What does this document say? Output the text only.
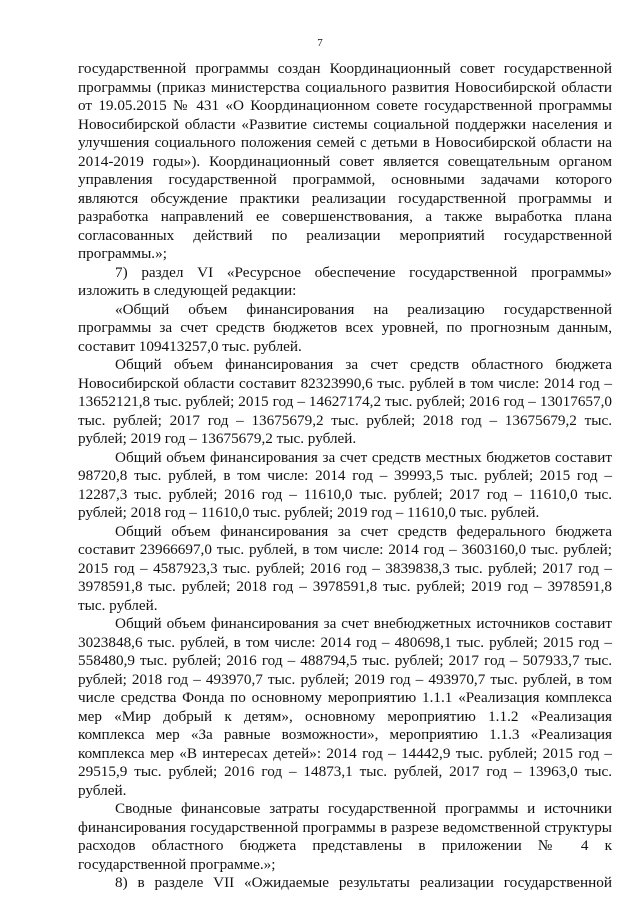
7

государственной программы создан Координационный совет государственной программы (приказ министерства социального развития Новосибирской области от 19.05.2015 № 431 «О Координационном совете государственной программы Новосибирской области «Развитие системы социальной поддержки населения и улучшения социального положения семей с детьми в Новосибирской области на 2014-2019 годы»). Координационный совет является совещательным органом управления государственной программой, основными задачами которого являются обсуждение практики реализации государственной программы и разработка направлений ее совершенствования, а также выработка плана согласованных действий по реализации мероприятий государственной программы.»;

7) раздел VI «Ресурсное обеспечение государственной программы» изложить в следующей редакции:

«Общий объем финансирования на реализацию государственной программы за счет средств бюджетов всех уровней, по прогнозным данным, составит 109413257,0 тыс. рублей.

Общий объем финансирования за счет средств областного бюджета Новосибирской области составит 82323990,6 тыс. рублей в том числе: 2014 год – 13652121,8 тыс. рублей; 2015 год – 14627174,2 тыс. рублей; 2016 год – 13017657,0 тыс. рублей; 2017 год – 13675679,2 тыс. рублей; 2018 год – 13675679,2 тыс. рублей; 2019 год – 13675679,2 тыс. рублей.

Общий объем финансирования за счет средств местных бюджетов составит 98720,8 тыс. рублей, в том числе: 2014 год – 39993,5 тыс. рублей; 2015 год – 12287,3 тыс. рублей; 2016 год – 11610,0 тыс. рублей; 2017 год – 11610,0 тыс. рублей; 2018 год – 11610,0 тыс. рублей; 2019 год – 11610,0 тыс. рублей.

Общий объем финансирования за счет средств федерального бюджета составит 23966697,0 тыс. рублей, в том числе: 2014 год – 3603160,0 тыс. рублей; 2015 год – 4587923,3 тыс. рублей; 2016 год – 3839838,3 тыс. рублей; 2017 год – 3978591,8 тыс. рублей; 2018 год – 3978591,8 тыс. рублей; 2019 год – 3978591,8 тыс. рублей.

Общий объем финансирования за счет внебюджетных источников составит 3023848,6 тыс. рублей, в том числе: 2014 год – 480698,1 тыс. рублей; 2015 год – 558480,9 тыс. рублей; 2016 год – 488794,5 тыс. рублей; 2017 год – 507933,7 тыс. рублей; 2018 год – 493970,7 тыс. рублей; 2019 год – 493970,7 тыс. рублей, в том числе средства Фонда по основному мероприятию 1.1.1 «Реализация комплекса мер «Мир добрый к детям», основному мероприятию 1.1.2 «Реализация комплекса мер «За равные возможности», мероприятию 1.1.3 «Реализация комплекса мер «В интересах детей»: 2014 год – 14442,9 тыс. рублей; 2015 год – 29515,9 тыс. рублей; 2016 год – 14873,1 тыс. рублей, 2017 год – 13963,0 тыс. рублей.

Сводные финансовые затраты государственной программы и источники финансирования государственной программы в разрезе ведомственной структуры расходов областного бюджета представлены в приложении № 4 к государственной программе.»;

8) в разделе VII «Ожидаемые результаты реализации государственной
